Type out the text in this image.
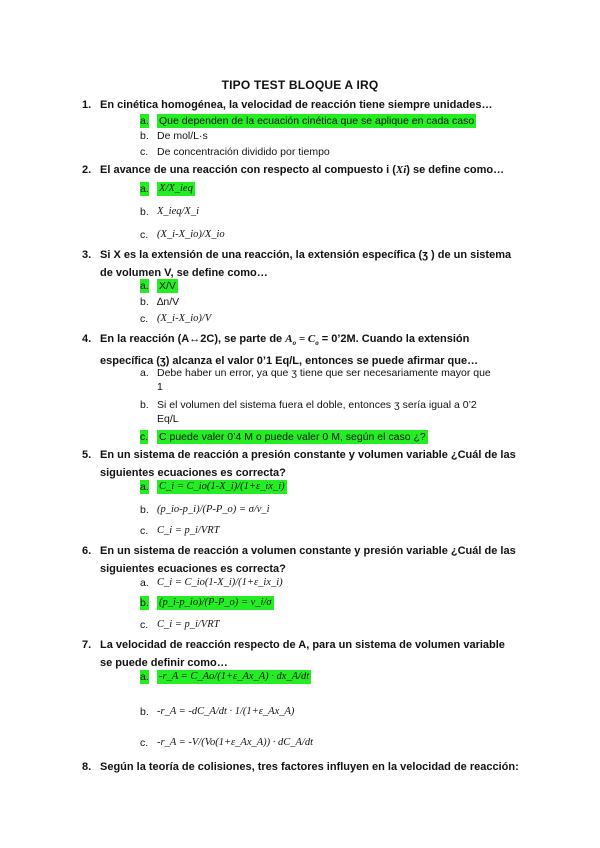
TIPO TEST BLOQUE A IRQ
1. En cinética homogénea, la velocidad de reacción tiene siempre unidades…
a. Que dependen de la ecuación cinética que se aplique en cada caso
b. De mol/L·s
c. De concentración dividido por tiempo
2. El avance de una reacción con respecto al compuesto i (Xi) se define como…
a. X/X_ieq
b. X_ieq/X_i
c. (X_i-X_io)/X_io
3. Si X es la extensión de una reacción, la extensión específica (ʒ ) de un sistema
de volumen V, se define como…
a. X/V
b. ∆n/V
c. (X_i-X_io)/V
4. En la reacción (A↔2C), se parte de $A_o = C_o$ = 0’2M. Cuando la extensión
específica (ʒ) alcanza el valor 0’1 Eq/L, entonces se puede afirmar que…
a. Debe haber un error, ya que ʒ tiene que ser necesariamente mayor que
1
b. Si el volumen del sistema fuera el doble, entonces ʒ sería igual a 0’2
Eq/L
c. C puede valer 0’4 M o puede valer 0 M, según el caso ¿?
5. En un sistema de reacción a presión constante y volumen variable ¿Cuál de las
siguientes ecuaciones es correcta?
a. C_i = C_io(1-X_i)/(1+ε_ix_i)
b. (p_io-p_i)/(P-P_o) = σ/v_i
c. C_i = p_i/VRT
6. En un sistema de reacción a volumen constante y presión variable ¿Cuál de las
siguientes ecuaciones es correcta?
a. C_i = C_io(1-X_i)/(1+ε_ix_i)
b. (p_i-p_io)/(P-P_o) = v_i/σ
c. C_i = p_i/VRT
7. La velocidad de reacción respecto de A, para un sistema de volumen variable
se puede definir como…
a. -r_A = C_Ao/(1+ε_Ax_A) · dx_A/dt
b. -r_A = -dC_A/dt · 1/(1+ε_Ax_A)
c. -r_A = -V/(Vo(1+ε_Ax_A)) · dC_A/dt
8. Según la teoría de colisiones, tres factores influyen en la velocidad de reacción:
